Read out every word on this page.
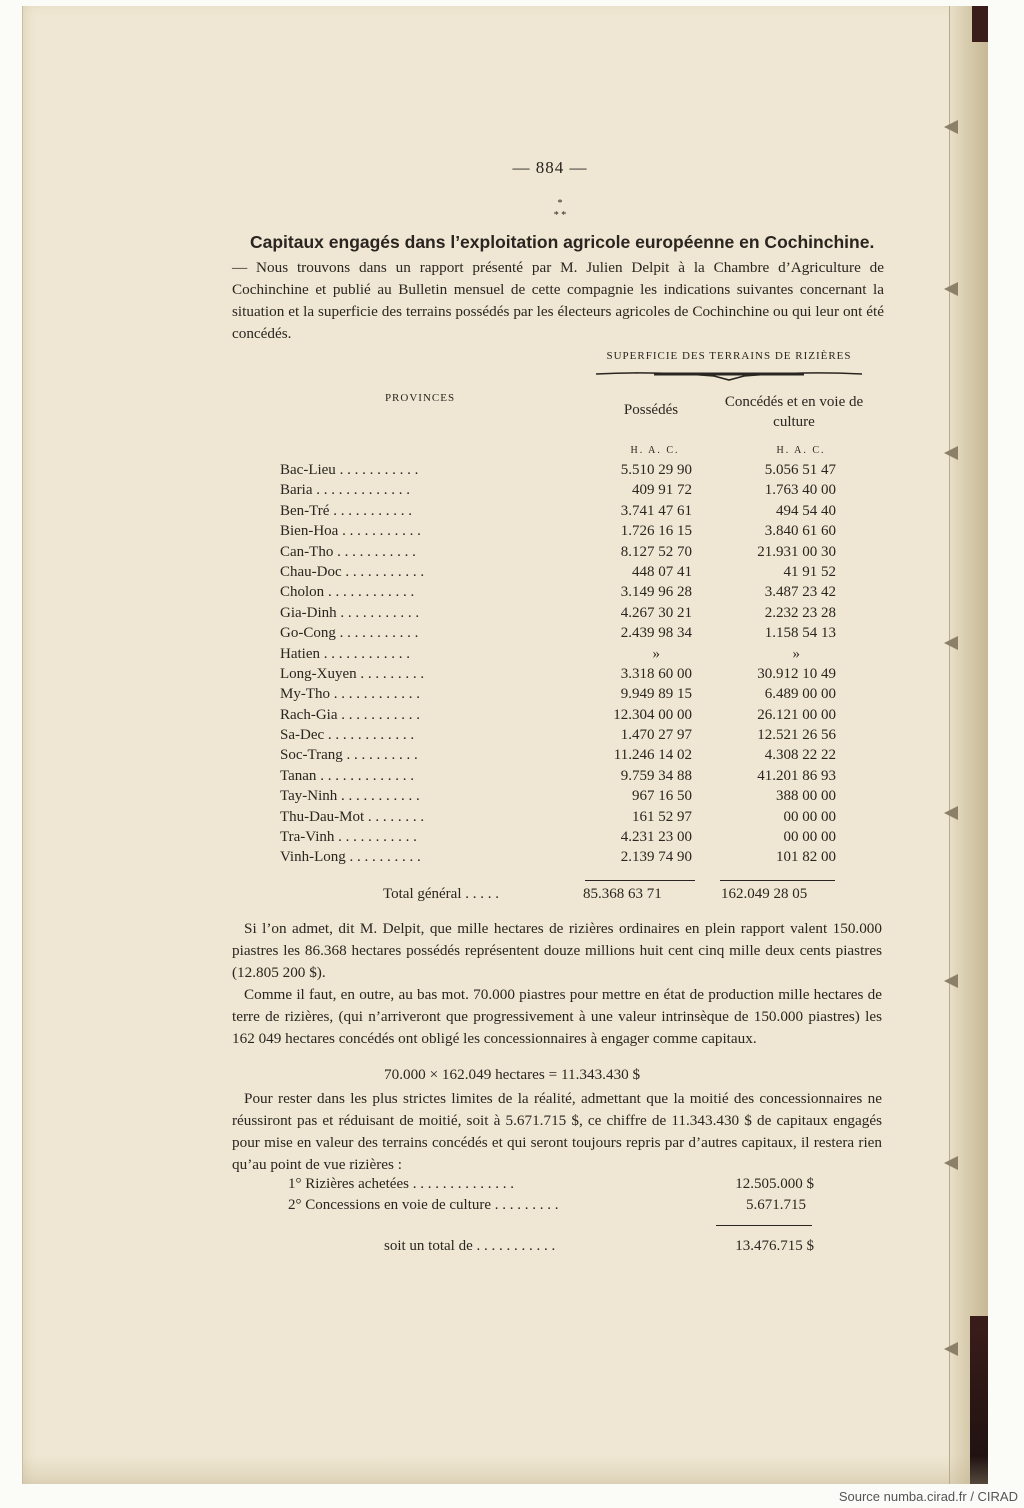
— 884 —
*
* *
Capitaux engagés dans l’exploitation agricole européenne en Cochinchine.
— Nous trouvons dans un rapport présenté par M. Julien Delpit à la Chambre d’Agriculture de Cochinchine et publié au Bulletin mensuel de cette compagnie les indications suivantes concernant la situation et la superficie des terrains possédés par les électeurs agricoles de Cochinchine ou qui leur ont été concédés.
SUPERFICIE DES TERRAINS DE RIZIÈRES
PROVINCES
Possédés	Concédés et en voie de culture
H. A. C.	H. A. C.
Bac-Lieu . . . . . . . . . . .	5.510 29 90	5.056 51 47
Baria . . . . . . . . . . . . .	409 91 72	1.763 40 00
Ben-Tré . . . . . . . . . . .	3.741 47 61	494 54 40
Bien-Hoa . . . . . . . . . . .	1.726 16 15	3.840 61 60
Can-Tho . . . . . . . . . . .	8.127 52 70	21.931 00 30
Chau-Doc . . . . . . . . . . .	448 07 41	41 91 52
Cholon . . . . . . . . . . . .	3.149 96 28	3.487 23 42
Gia-Dinh . . . . . . . . . . .	4.267 30 21	2.232 23 28
Go-Cong . . . . . . . . . . .	2.439 98 34	1.158 54 13
Hatien . . . . . . . . . . . .	»	»
Long-Xuyen . . . . . . . . .	3.318 60 00	30.912 10 49
My-Tho . . . . . . . . . . . .	9.949 89 15	6.489 00 00
Rach-Gia . . . . . . . . . . .	12.304 00 00	26.121 00 00
Sa-Dec . . . . . . . . . . . .	1.470 27 97	12.521 26 56
Soc-Trang . . . . . . . . . .	11.246 14 02	4.308 22 22
Tanan . . . . . . . . . . . . .	9.759 34 88	41.201 86 93
Tay-Ninh . . . . . . . . . . .	967 16 50	388 00 00
Thu-Dau-Mot . . . . . . . .	161 52 97	00 00 00
Tra-Vinh . . . . . . . . . . .	4.231 23 00	00 00 00
Vinh-Long . . . . . . . . . .	2.139 74 90	101 82 00
Total général . . . . .	85.368 63 71	162.049 28 05
Si l’on admet, dit M. Delpit, que mille hectares de rizières ordinaires en plein rapport valent 150.000 piastres les 86.368 hectares possédés représentent douze millions huit cent cinq mille deux cents piastres (12.805 200 $).
Comme il faut, en outre, au bas mot. 70.000 piastres pour mettre en état de production mille hectares de terre de rizières, (qui n’arriveront que progressivement à une valeur intrinsèque de 150.000 piastres) les 162 049 hectares concédés ont obligé les concessionnaires à engager comme capitaux.
70.000 × 162.049 hectares = 11.343.430 $
Pour rester dans les plus strictes limites de la réalité, admettant que la moitié des concessionnaires ne réussiront pas et réduisant de moitié, soit à 5.671.715 $, ce chiffre de 11.343.430 $ de capitaux engagés pour mise en valeur des terrains concédés et qui seront toujours repris par d’autres capitaux, il restera rien qu’au point de vue rizières :
1° Rizières achetées . . . . . . . . . . . . . .	12.505.000 $
2° Concessions en voie de culture . . . . . . . . .	5.671.715
soit un total de . . . . . . . . . . .	13.476.715 $
Source numba.cirad.fr / CIRAD
